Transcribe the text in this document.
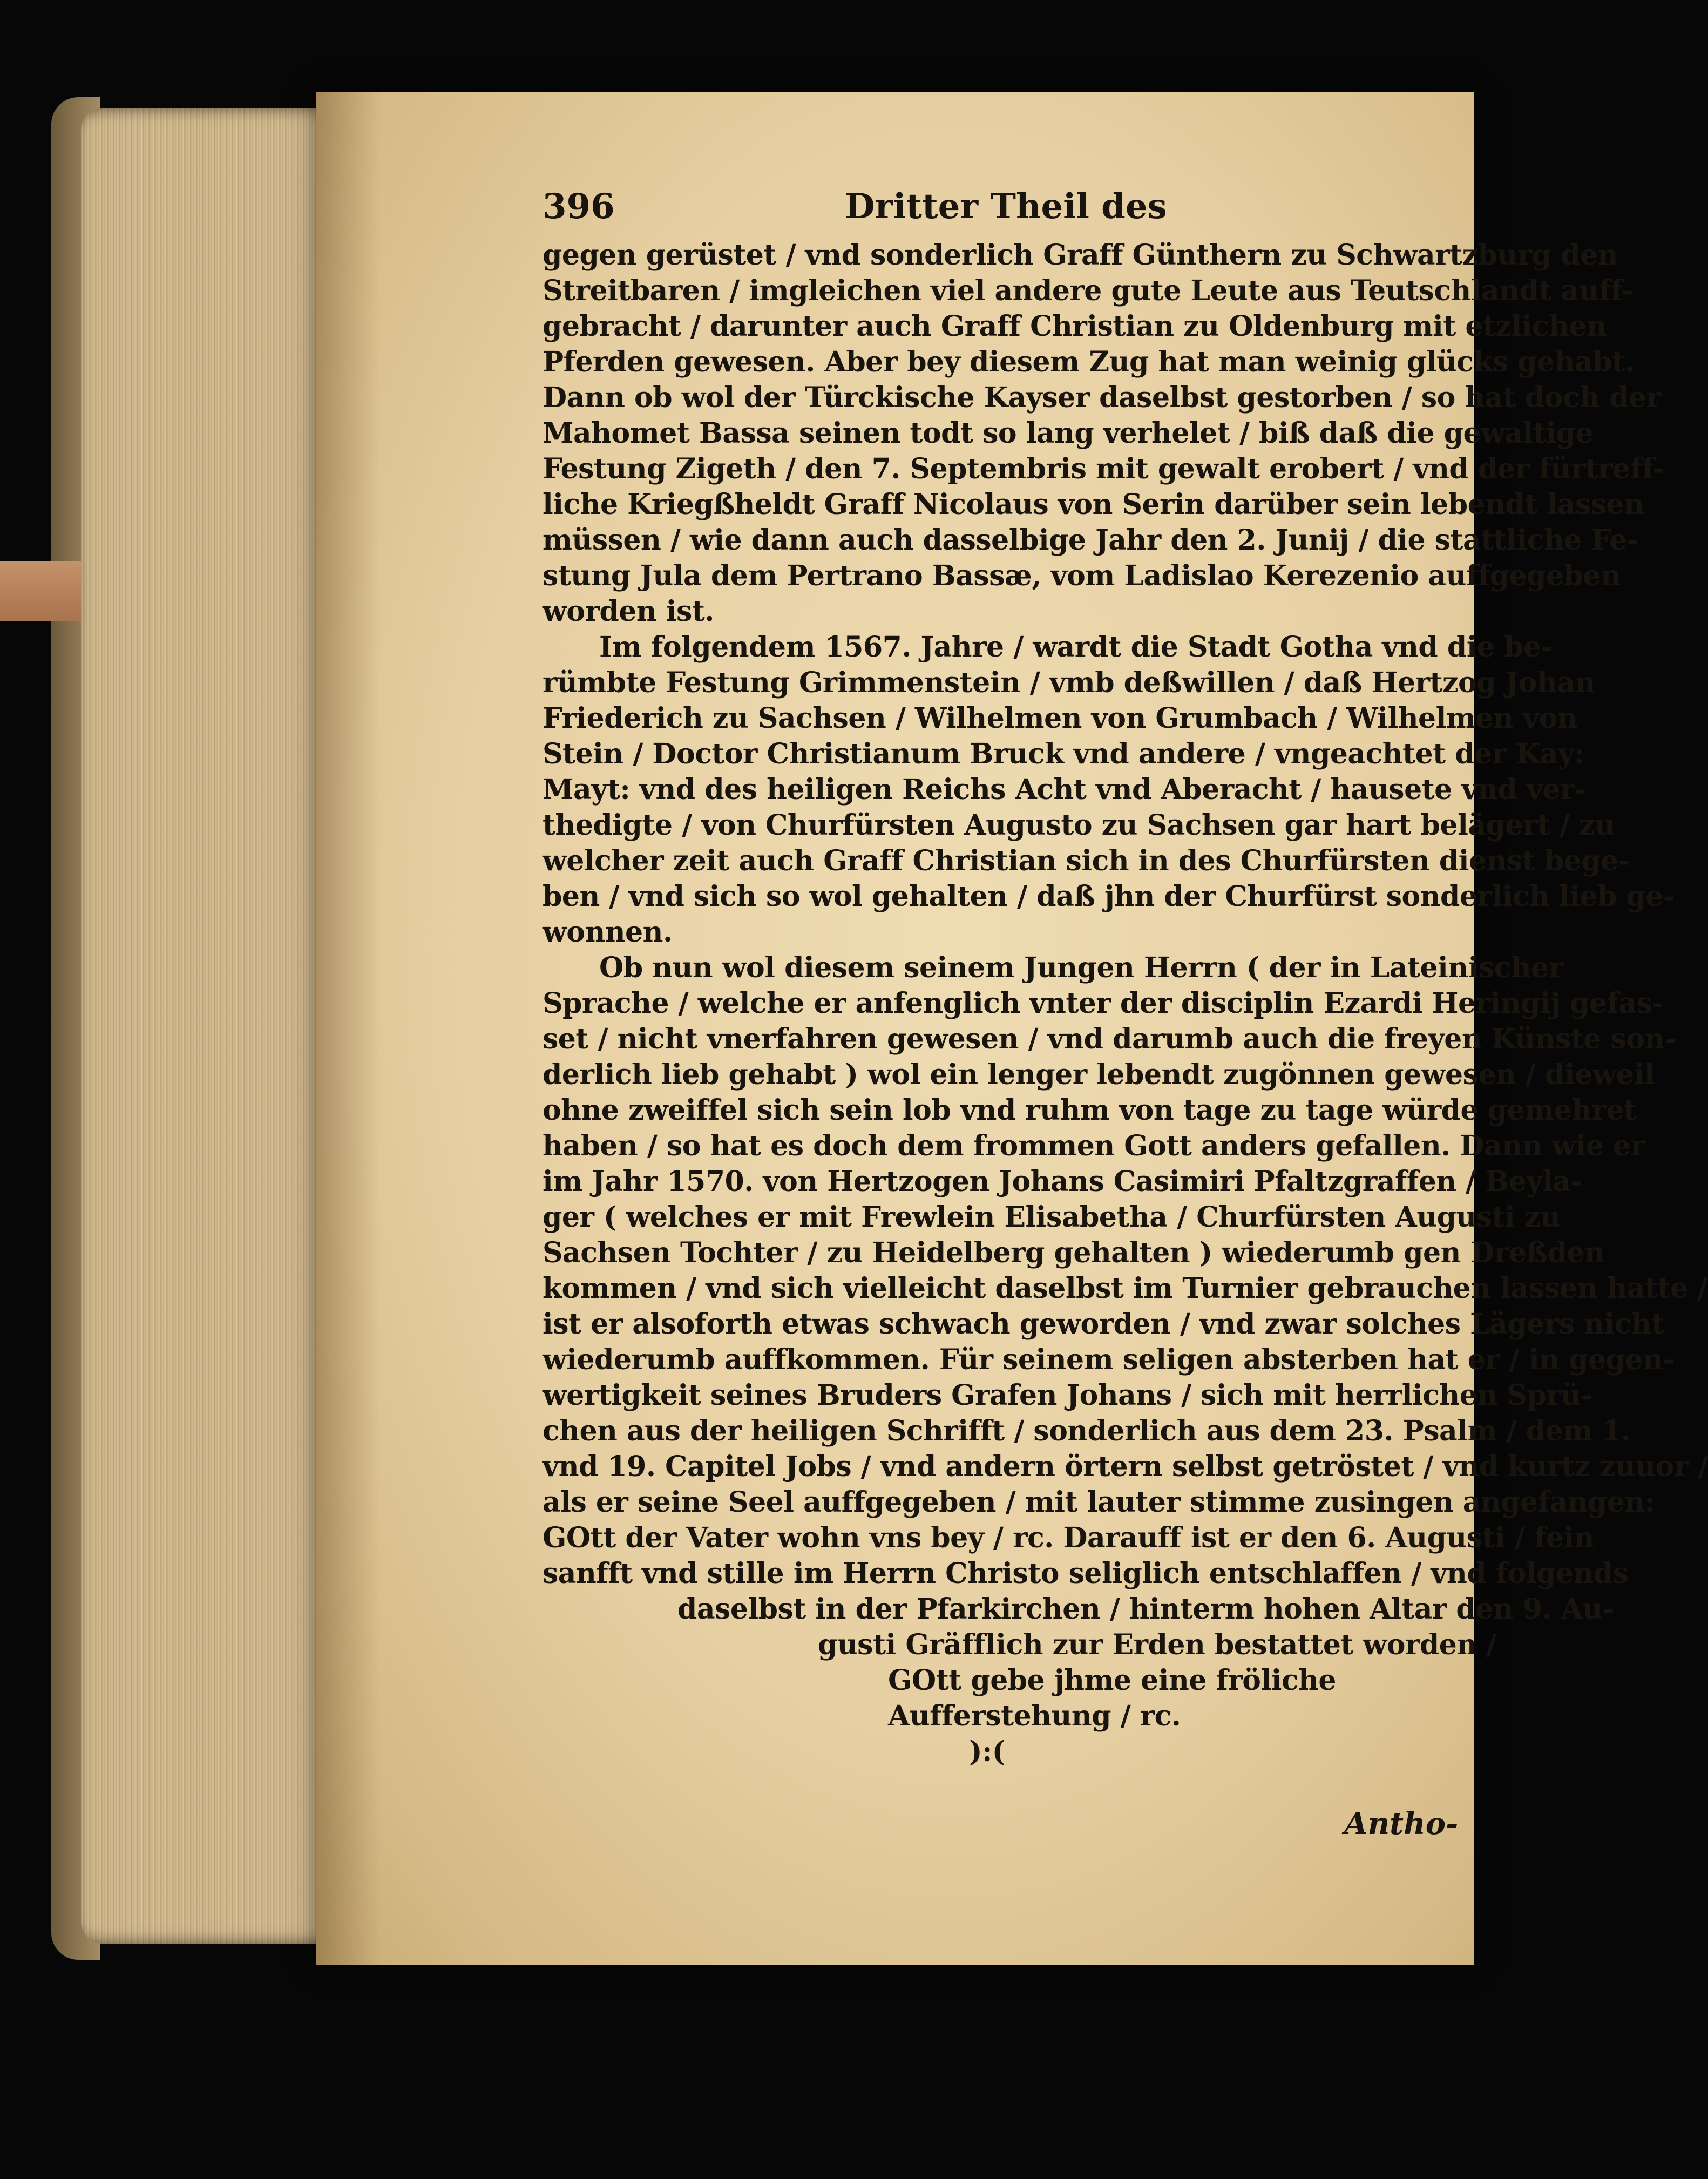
396	Dritter Theil des
gegen gerüstet / vnd sonderlich Graff Günthern zu Schwartzburg den
Streitbaren / imgleichen viel andere gute Leute aus Teutschlandt auff-
gebracht / darunter auch Graff Christian zu Oldenburg mit etzlichen
Pferden gewesen. Aber bey diesem Zug hat man weinig glücks gehabt.
Dann ob wol der Türckische Kayser daselbst gestorben / so hat doch der
Mahomet Bassa seinen todt so lang verhelet / biß daß die gewaltige
Festung Zigeth / den 7. Septembris mit gewalt erobert / vnd der fürtreff-
liche Kriegßheldt Graff Nicolaus von Serin darüber sein lebendt lassen
müssen / wie dann auch dasselbige Jahr den 2. Junij / die stattliche Fe-
stung Jula dem Pertrano Bassæ, vom Ladislao Kerezenio auffgegeben
worden ist.
Im folgendem 1567. Jahre / wardt die Stadt Gotha vnd die be-
rümbte Festung Grimmenstein / vmb deßwillen / daß Hertzog Johan
Friederich zu Sachsen / Wilhelmen von Grumbach / Wilhelmen von
Stein / Doctor Christianum Bruck vnd andere / vngeachtet der Kay:
Mayt: vnd des heiligen Reichs Acht vnd Aberacht / hausete vnd ver-
thedigte / von Churfürsten Augusto zu Sachsen gar hart belägert / zu
welcher zeit auch Graff Christian sich in des Churfürsten dienst bege-
ben / vnd sich so wol gehalten / daß jhn der Churfürst sonderlich lieb ge-
wonnen.
Ob nun wol diesem seinem Jungen Herrn ( der in Lateinischer
Sprache / welche er anfenglich vnter der disciplin Ezardi Heringij gefas-
set / nicht vnerfahren gewesen / vnd darumb auch die freyen Künste son-
derlich lieb gehabt ) wol ein lenger lebendt zugönnen gewesen / dieweil
ohne zweiffel sich sein lob vnd ruhm von tage zu tage würde gemehret
haben / so hat es doch dem frommen Gott anders gefallen. Dann wie er
im Jahr 1570. von Hertzogen Johans Casimiri Pfaltzgraffen / Beyla-
ger ( welches er mit Frewlein Elisabetha / Churfürsten Augusti zu
Sachsen Tochter / zu Heidelberg gehalten ) wiederumb gen Dreßden
kommen / vnd sich vielleicht daselbst im Turnier gebrauchen lassen hatte /
ist er alsoforth etwas schwach geworden / vnd zwar solches Lägers nicht
wiederumb auffkommen. Für seinem seligen absterben hat er / in gegen-
wertigkeit seines Bruders Grafen Johans / sich mit herrlichen Sprü-
chen aus der heiligen Schrifft / sonderlich aus dem 23. Psalm / dem 1.
vnd 19. Capitel Jobs / vnd andern örtern selbst getröstet / vnd kurtz zuuor /
als er seine Seel auffgegeben / mit lauter stimme zusingen angefangen:
GOtt der Vater wohn vns bey / rc. Darauff ist er den 6. Augusti / fein
sanfft vnd stille im Herrn Christo seliglich entschlaffen / vnd folgends
daselbst in der Pfarkirchen / hinterm hohen Altar den 9. Au-
gusti Gräfflich zur Erden bestattet worden /
GOtt gebe jhme eine fröliche
Aufferstehung / rc.
):(
Antho-
